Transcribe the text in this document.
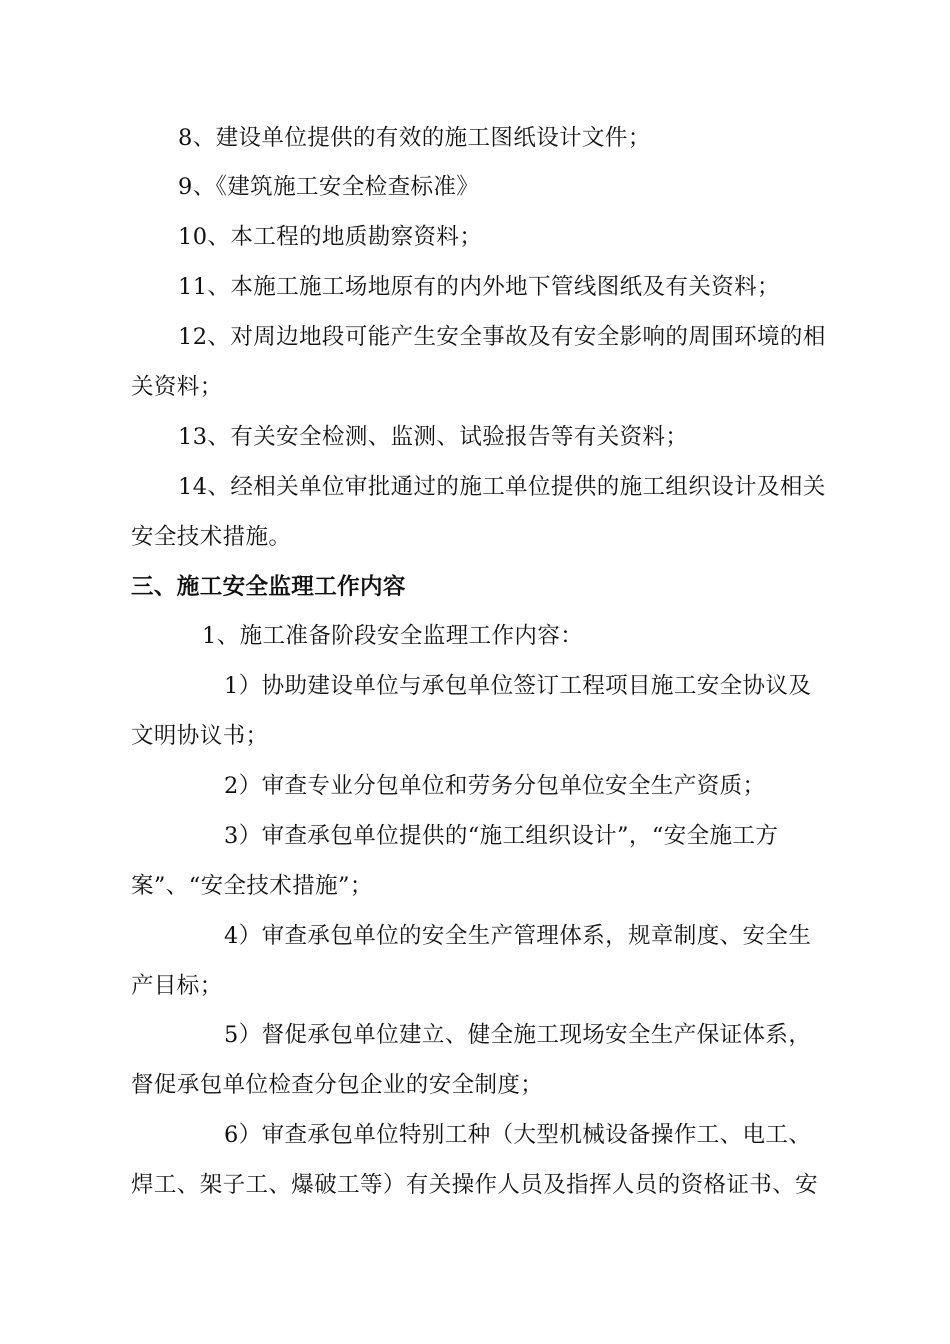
8、建设单位提供的有效的施工图纸设计文件；
9、《建筑施工安全检查标准》
10、本工程的地质勘察资料；
11、本施工施工场地原有的内外地下管线图纸及有关资料；
12、对周边地段可能产生安全事故及有安全影响的周围环境的相
关资料；
13、有关安全检测、监测、试验报告等有关资料；
14、经相关单位审批通过的施工单位提供的施工组织设计及相关
安全技术措施。
三、施工安全监理工作内容
1、施工准备阶段安全监理工作内容：
1）协助建设单位与承包单位签订工程项目施工安全协议及
文明协议书；
2）审查专业分包单位和劳务分包单位安全生产资质；
3）审查承包单位提供的“施工组织设计”，“安全施工方
案”、“安全技术措施”；
4）审查承包单位的安全生产管理体系，规章制度、安全生
产目标；
5）督促承包单位建立、健全施工现场安全生产保证体系，
督促承包单位检查分包企业的安全制度；
6）审查承包单位特别工种（大型机械设备操作工、电工、
焊工、架子工、爆破工等）有关操作人员及指挥人员的资格证书、安
